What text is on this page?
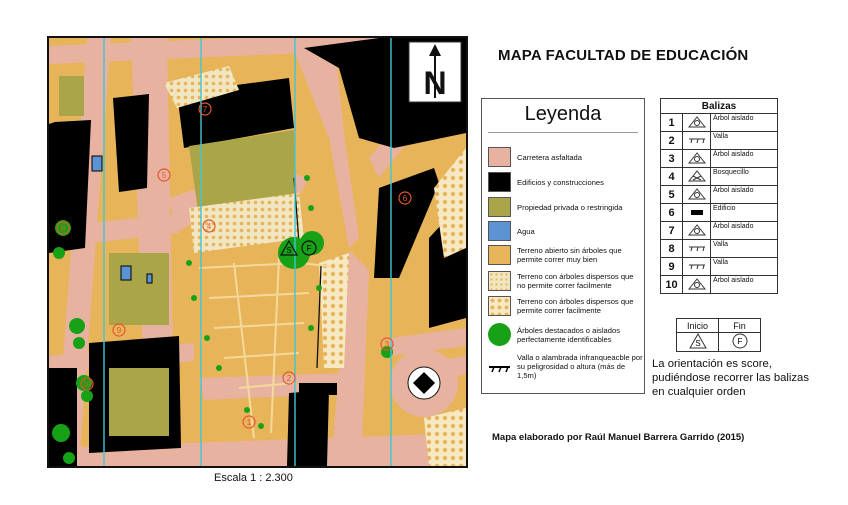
N
S F
1
2
3
4
5
6
7
8
9
10
Escala 1 : 2.300
MAPA FACULTAD DE EDUCACIÓN
Leyenda
Carretera asfaltada
Edificios y construcciones
Propiedad privada o restringida
Agua
Terreno abierto sin árboles que permite correr muy bien
Terreno con árboles dispersos que no permite correr facilmente
Terreno con árboles dispersos que permite correr facilmente
Árboles destacados o aislados perfectamente identificables
Valla o alambrada infranqueacble por su peligrosidad o altura (más de 1,5m)
Balizas		
1		Árbol aislado
2		Valla
3		Árbol aislado
4		Bosquecillo
5		Árbol aislado
6		Edificio
7		Árbol aislado
8		Valla
9		Valla
10		Árbol aislado
Inicio	Fin

S	F
La orientación es score, pudiéndose recorrer las balizas en cualquier orden
Mapa elaborado por Raúl Manuel Barrera Garrido (2015)
